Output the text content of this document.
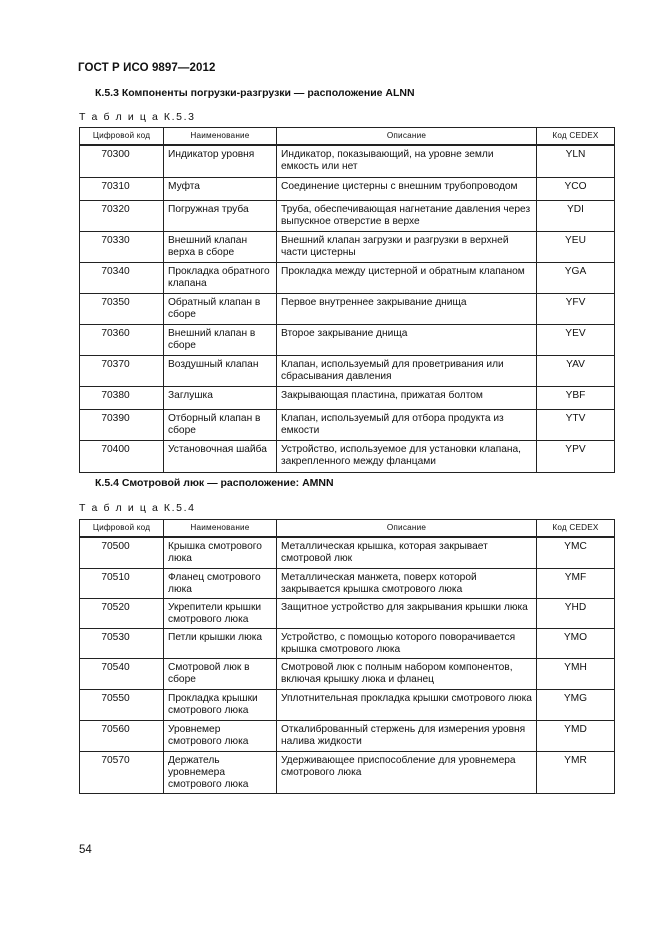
ГОСТ Р ИСО 9897—2012
К.5.3 Компоненты погрузки-разгрузки — расположение ALNN
Т а б л и ц а К.5.3
Цифровой код	Наименование	Описание	Код CEDEX
70300	Индикатор уровня	Индикатор, показывающий, на уровне земли емкость или нет	YLN
70310	Муфта	Соединение цистерны с внешним трубопроводом	YCO
70320	Погружная труба	Труба, обеспечивающая нагнетание давления через выпускное отверстие в верхе	YDI
70330	Внешний клапан верха в сборе	Внешний клапан загрузки и разгрузки в верхней части цистерны	YEU
70340	Прокладка обратного клапана	Прокладка между цистерной и обратным клапаном	YGA
70350	Обратный клапан в сборе	Первое внутреннее закрывание днища	YFV
70360	Внешний клапан в сборе	Второе закрывание днища	YEV
70370	Воздушный клапан	Клапан, используемый для проветривания или сбрасывания давления	YAV
70380	Заглушка	Закрывающая пластина, прижатая болтом	YBF
70390	Отборный клапан в сборе	Клапан, используемый для отбора продукта из емкости	YTV
70400	Установочная шайба	Устройство, используемое для установки клапана, закрепленного между фланцами	YPV
К.5.4 Смотровой люк — расположение: AMNN
Т а б л и ц а К.5.4
Цифровой код	Наименование	Описание	Код CEDEX
70500	Крышка смотрового люка	Металлическая крышка, которая закрывает смотровой люк	YMC
70510	Фланец смотрового люка	Металлическая манжета, поверх которой закрывается крышка смотрового люка	YMF
70520	Укрепители крышки смотрового люка	Защитное устройство для закрывания крышки люка	YHD
70530	Петли крышки люка	Устройство, с помощью которого поворачивается крышка смотрового люка	YMO
70540	Смотровой люк в сборе	Смотровой люк с полным набором компонентов, включая крышку люка и фланец	YMH
70550	Прокладка крышки смотрового люка	Уплотнительная прокладка крышки смотрового люка	YMG
70560	Уровнемер смотрового люка	Откалиброванный стержень для измерения уровня налива жидкости	YMD
70570	Держатель уровнемера смотрового люка	Удерживающее приспособление для уровнемера смотрового люка	YMR
54
